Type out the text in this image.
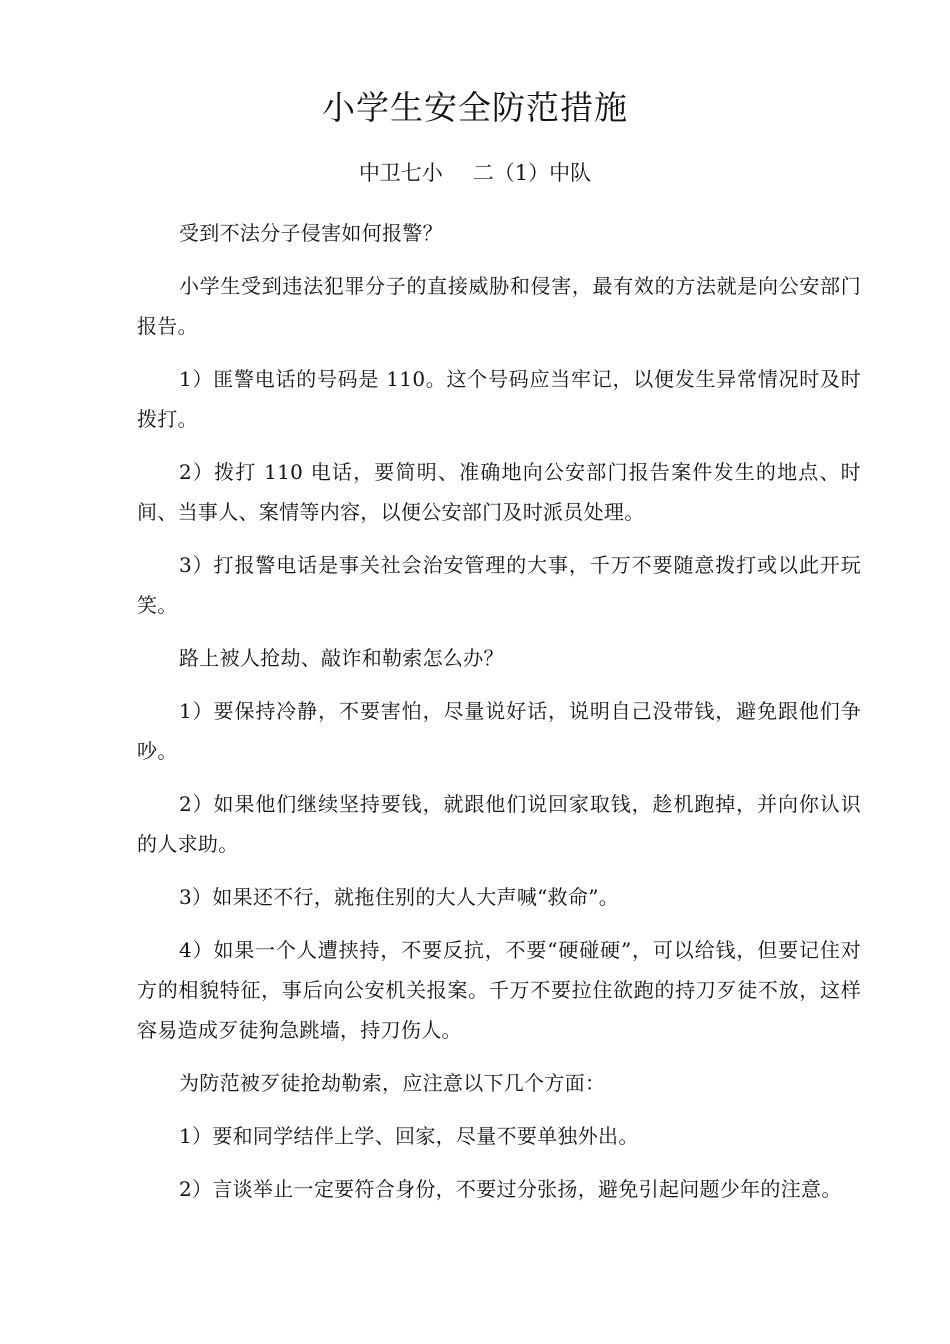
小学生安全防范措施
中卫七小 二（1）中队

受到不法分子侵害如何报警？

小学生受到违法犯罪分子的直接威胁和侵害，最有效的方法就是向公安部门报告。

1）匪警电话的号码是 110。这个号码应当牢记，以便发生异常情况时及时拨打。

2）拨打 110 电话，要简明、准确地向公安部门报告案件发生的地点、时间、当事人、案情等内容，以便公安部门及时派员处理。

3）打报警电话是事关社会治安管理的大事，千万不要随意拨打或以此开玩笑。

路上被人抢劫、敲诈和勒索怎么办？

1）要保持冷静，不要害怕，尽量说好话，说明自己没带钱，避免跟他们争吵。

2）如果他们继续坚持要钱，就跟他们说回家取钱，趁机跑掉，并向你认识的人求助。

3）如果还不行，就拖住别的大人大声喊“救命”。

4）如果一个人遭挟持，不要反抗，不要“硬碰硬”，可以给钱，但要记住对方的相貌特征，事后向公安机关报案。千万不要拉住欲跑的持刀歹徒不放，这样容易造成歹徒狗急跳墙，持刀伤人。

为防范被歹徒抢劫勒索，应注意以下几个方面：

1）要和同学结伴上学、回家，尽量不要单独外出。

2）言谈举止一定要符合身份，不要过分张扬，避免引起问题少年的注意。
